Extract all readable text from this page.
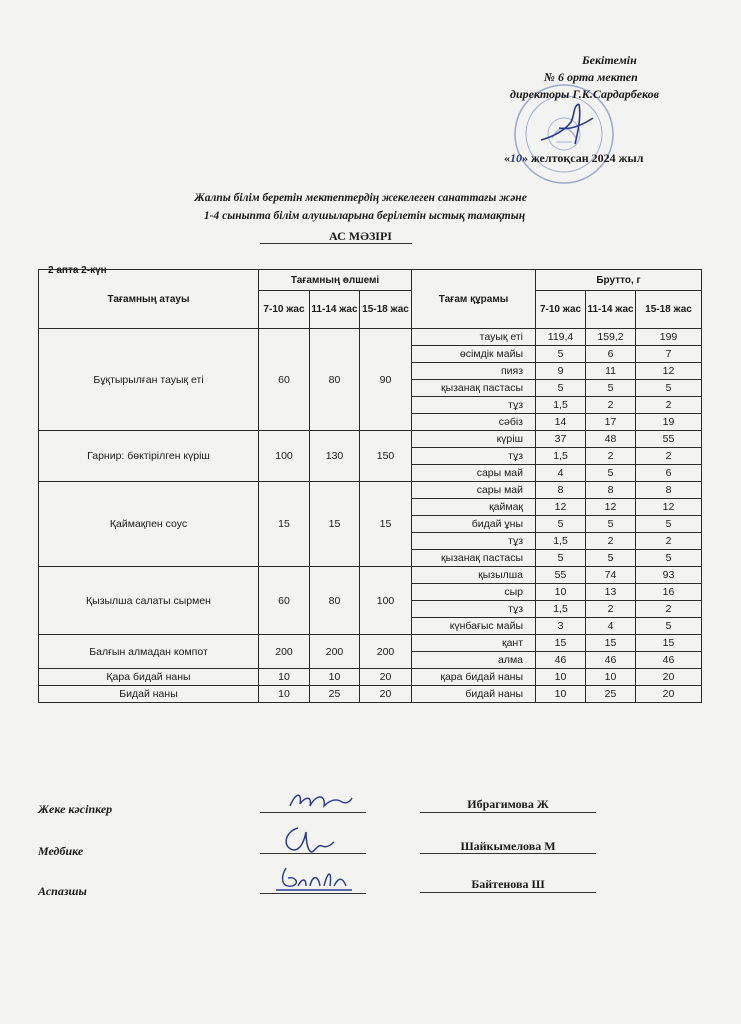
Бекітемін
№ 6 орта мектеп
директоры Г.К.Сардарбеков
«10» желтоқсан 2024 жыл
Жалпы білім беретін мектептердің жекелеген санаттағы және
1-4 сыныпта білім алушыларына берілетін ыстық тамақтың
АС МӘЗІРІ
2 апта 2-күн
Тағамның атауы	Тағамның өлшемі			Тағам құрамы	Брутто, г		
	7-10 жас	11-14 жас	15-18 жас		7-10 жас	11-14 жас	15-18 жас
Бұқтырылған тауық еті	60	80	90	тауық еті	119,4	159,2	199
				өсімдік майы	5	6	7
				пияз	9	11	12
				қызанақ пастасы	5	5	5
				тұз	1,5	2	2
				сәбіз	14	17	19
Гарнир: бөктірілген күріш	100	130	150	күріш	37	48	55
				тұз	1,5	2	2
				сары май	4	5	6
Қаймақпен соус	15	15	15	сары май	8	8	8
				қаймақ	12	12	12
				бидай ұны	5	5	5
				тұз	1,5	2	2
				қызанақ пастасы	5	5	5
Қызылша салаты сырмен	60	80	100	қызылша	55	74	93
				сыр	10	13	16
				тұз	1,5	2	2
				күнбағыс майы	3	4	5
Балғын алмадан компот	200	200	200	қант	15	15	15
				алма	46	46	46
Қара бидай наны	10	10	20	қара бидай наны	10	10	20
Бидай наны	10	25	20	бидай наны	10	25	20
Жеке кәсіпкер	Ибрагимова Ж
Медбике	Шайкымелова М
Аспазшы	Байтенова Ш
